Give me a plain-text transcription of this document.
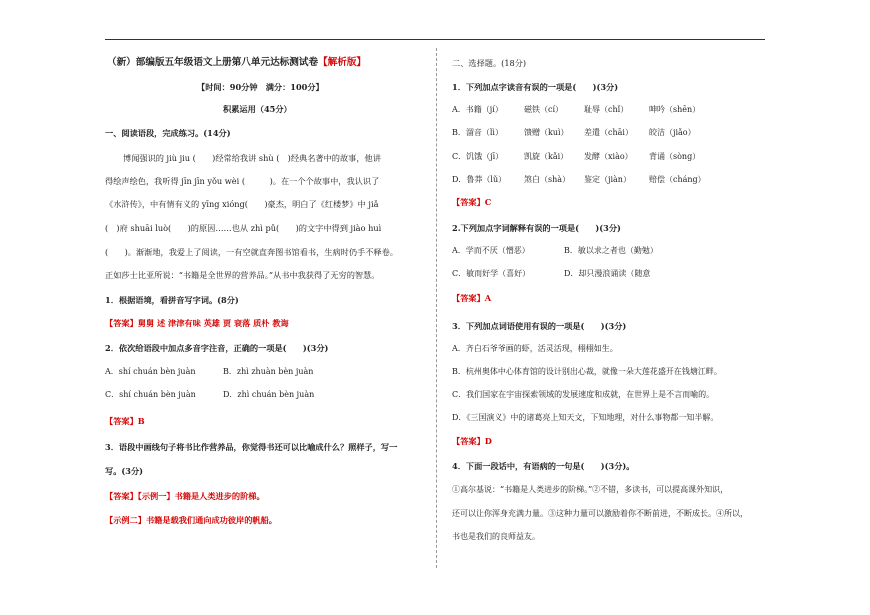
（新）部编版五年级语文上册第八单元达标测试卷【解析版】
【时间：90分钟　满分：100分】
积累运用（45分）
一、阅读语段，完成练习。(14分)
博闻强识的 jiù jiu (　　)经常给我讲 shù (　)经典名著中的故事，他讲
得绘声绘色，我听得 jīn jīn yǒu wèi (　　　)。在一个个故事中，我认识了
《水浒传》，中有情有义的 yīng xióng(　　)豪杰，明白了《红楼梦》中 jiǎ
(　)府 shuāi luò(　　)的原因……也从 zhì pǔ(　　)的文字中得到 jiào huì
(　　)。渐渐地，我爱上了阅读，一有空就直奔图书馆看书，生病时仍手不释卷。
正如莎士比亚所说：“书籍是全世界的营养品。”从书中我获得了无穷的智慧。
1．根据语境，看拼音写字词。(8分)
【答案】舅舅 述 津津有味 英雄 贾 衰落 质朴 教诲
2．依次给语段中加点多音字注音，正确的一项是(　　)(3分)
A．shí chuán bèn juàn	B．zhì zhuàn bèn juàn
C．shí chuán bèn juàn	D．zhì chuán bèn juàn
【答案】B
3．语段中画线句子将书比作营养品，你觉得书还可以比喻成什么？照样子，写一
写。(3分)
【答案】【示例一】书籍是人类进步的阶梯。
【示例二】书籍是载我们通向成功彼岸的帆船。
二、选择题。(18分)
1．下列加点字读音有误的一项是(　　)(3分)
A．书籍（jí）	磁铁（cí）	耻辱（chǐ）	呻吟（shēn）
B．溜音（lì）	馈赠（kuì） 差遣（chāi） 皎洁（jiǎo）
C．饥饿（jī）	凯旋（kǎi） 发酵（xiào） 背诵（sòng）
D．鲁莽（lǔ） 煞白（shà） 鉴定（jiàn） 赔偿（cháng）
【答案】C
2.下列加点字词解释有误的一项是(　　)(3分)
A．学而不厌（憎恶）	B．敏以求之者也（勤勉）
C．敏而好学（喜好）	D．却只漫浪诵读（随意
【答案】A
3．下列加点词语使用有误的一项是(　　)(3分)
A．齐白石爷爷画的虾，活灵活现，栩栩如生。
B．杭州奥体中心体育馆的设计别出心裁，就像一朵大莲花盛开在钱塘江畔。
C．我们国家在宇宙探索领域的发展速度和成就，在世界上是不言而喻的。
D．《三国演义》中的诸葛亮上知天文，下知地理，对什么事物都一知半解。
【答案】D
4．下面一段话中，有语病的一句是(　　)(3分)。
①高尔基说：“书籍是人类进步的阶梯。”②不错，多读书，可以提高课外知识，
还可以让你浑身充满力量。③这种力量可以激励着你不断前进，不断成长。④所以，
书也是我们的良师益友。
